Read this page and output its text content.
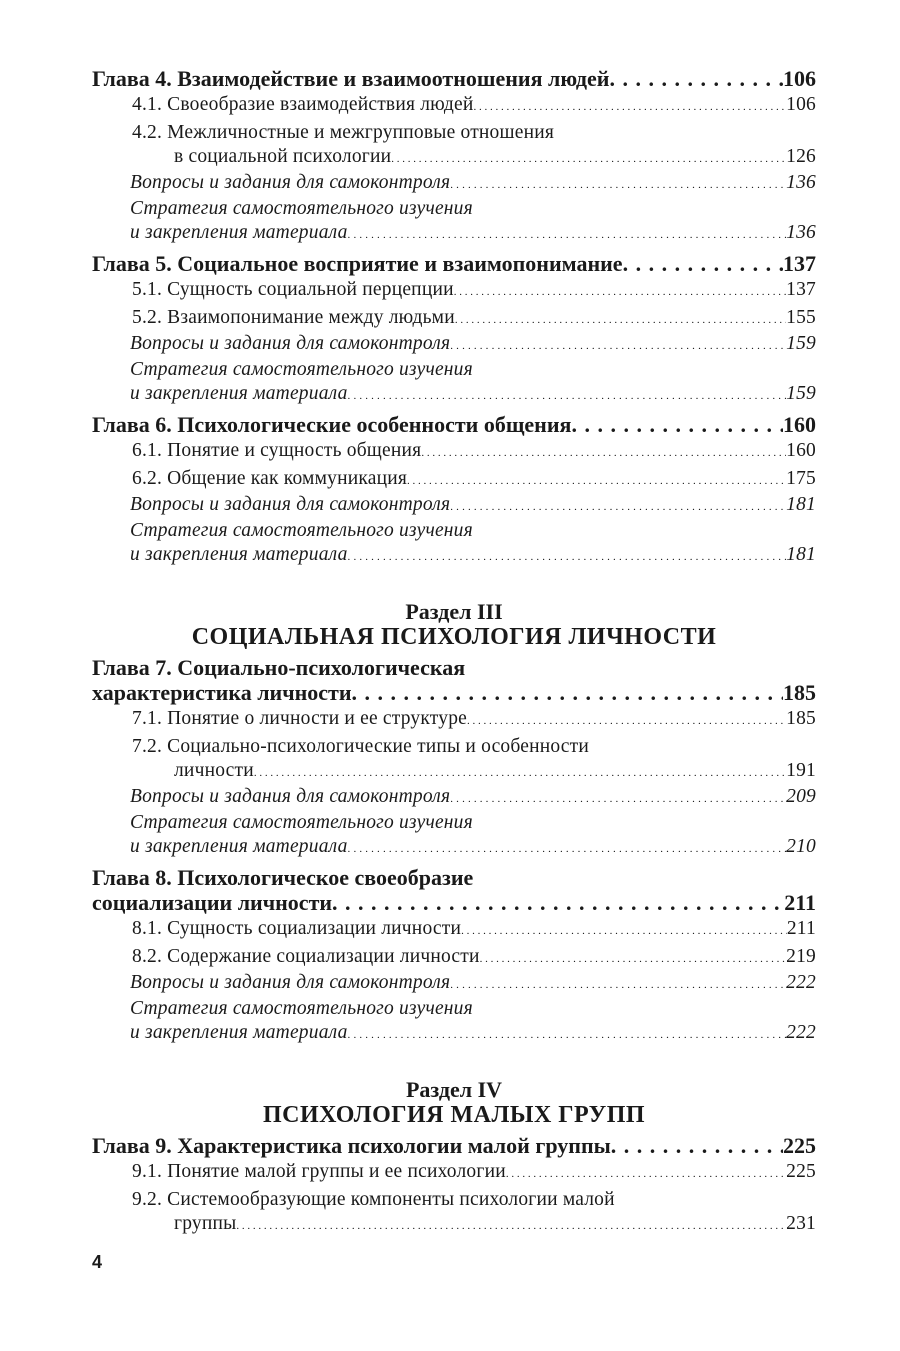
Глава 4. Взаимодействие и взаимоотношения людей . . .	106
4.1. Своеобразие взаимодействия людей . . .	106
4.2. Межличностные и межгрупповые отношения
в социальной психологии . . .	126
Вопросы и задания для самоконтроля . . .	136
Стратегия самостоятельного изучения
и закрепления материала . . .	136
Глава 5. Социальное восприятие и взаимопонимание . . .	137
5.1. Сущность социальной перцепции . . .	137
5.2. Взаимопонимание между людьми . . .	155
Вопросы и задания для самоконтроля . . .	159
Стратегия самостоятельного изучения
и закрепления материала . . .	159
Глава 6. Психологические особенности общения . . .	160
6.1. Понятие и сущность общения . . .	160
6.2. Общение как коммуникация . . .	175
Вопросы и задания для самоконтроля . . .	181
Стратегия самостоятельного изучения
и закрепления материала . . .	181
Раздел III
СОЦИАЛЬНАЯ ПСИХОЛОГИЯ ЛИЧНОСТИ
Глава 7. Социально-психологическая
характеристика личности . . .	185
7.1. Понятие о личности и ее структуре . . .	185
7.2. Социально-психологические типы и особенности
личности . . .	191
Вопросы и задания для самоконтроля . . .	209
Стратегия самостоятельного изучения
и закрепления материала . . .	210
Глава 8. Психологическое своеобразие
социализации личности . . .	211
8.1. Сущность социализации личности . . .	211
8.2. Содержание социализации личности . . .	219
Вопросы и задания для самоконтроля . . .	222
Стратегия самостоятельного изучения
и закрепления материала . . .	222
Раздел IV
ПСИХОЛОГИЯ МАЛЫХ ГРУПП
Глава 9. Характеристика психологии малой группы . . .	225
9.1. Понятие малой группы и ее психологии . . .	225
9.2. Системообразующие компоненты психологии малой
группы . . .	231
4
